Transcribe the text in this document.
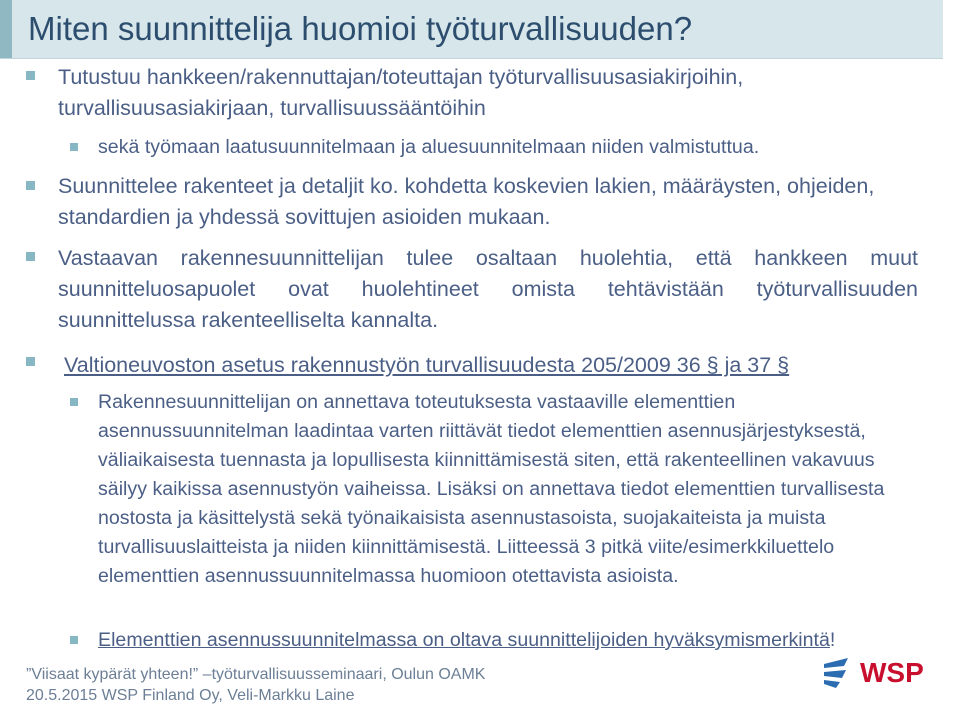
Miten suunnittelija huomioi työturvallisuuden?
Tutustuu hankkeen/rakennuttajan/toteuttajan työturvallisuusasiakirjoihin, turvallisuusasiakirjaan, turvallisuussääntöihin
sekä työmaan laatusuunnitelmaan ja aluesuunnitelmaan niiden valmistuttua.
Suunnittelee rakenteet ja detaljit ko. kohdetta koskevien lakien, määräysten, ohjeiden, standardien ja yhdessä sovittujen asioiden mukaan.
Vastaavan rakennesuunnittelijan tulee osaltaan huolehtia, että hankkeen muut suunnitteluosapuolet ovat huolehtineet omista tehtävistään työturvallisuuden suunnittelussa rakenteelliselta kannalta.
Valtioneuvoston asetus rakennustyön turvallisuudesta 205/2009 36 § ja 37 §
Rakennesuunnittelijan on annettava toteutuksesta vastaaville elementtien asennussuunnitelman laadintaa varten riittävät tiedot elementtien asennusjärjestyksestä, väliaikaisesta tuennasta ja lopullisesta kiinnittämisestä siten, että rakenteellinen vakavuus säilyy kaikissa asennustyön vaiheissa. Lisäksi on annettava tiedot elementtien turvallisesta nostosta ja käsittelystä sekä työnaikaisista asennustasoista, suojakaiteista ja muista turvallisuuslaitteista ja niiden kiinnittämisestä. Liitteessä 3 pitkä viite/esimerkkiluettelo elementtien asennussuunnitelmassa huomioon otettavista asioista.
Elementtien asennussuunnitelmassa on oltava suunnittelijoiden hyväksymismerkintä!
”Viisaat kypärät yhteen!” –työturvallisuusseminaari, Oulun OAMK
20.5.2015 WSP Finland Oy, Veli-Markku Laine
WSP
